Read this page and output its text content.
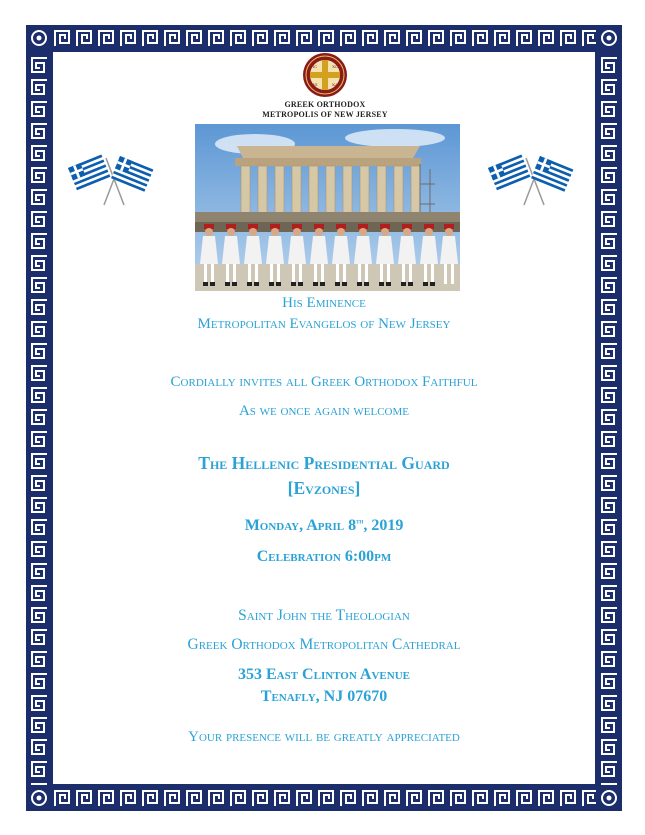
IC	XC
NI	KA
GREEK ORTHODOX
METROPOLIS OF NEW JERSEY
His Eminence
Metropolitan Evangelos of New Jersey
Cordially invites all Greek Orthodox Faithful
As we once again welcome
The Hellenic Presidential Guard
[Evzones]
Monday, April 8th, 2019
Celebration 6:00pm
Saint John the Theologian
Greek Orthodox Metropolitan Cathedral
353 East Clinton Avenue
Tenafly, NJ 07670
Your presence will be greatly appreciated
